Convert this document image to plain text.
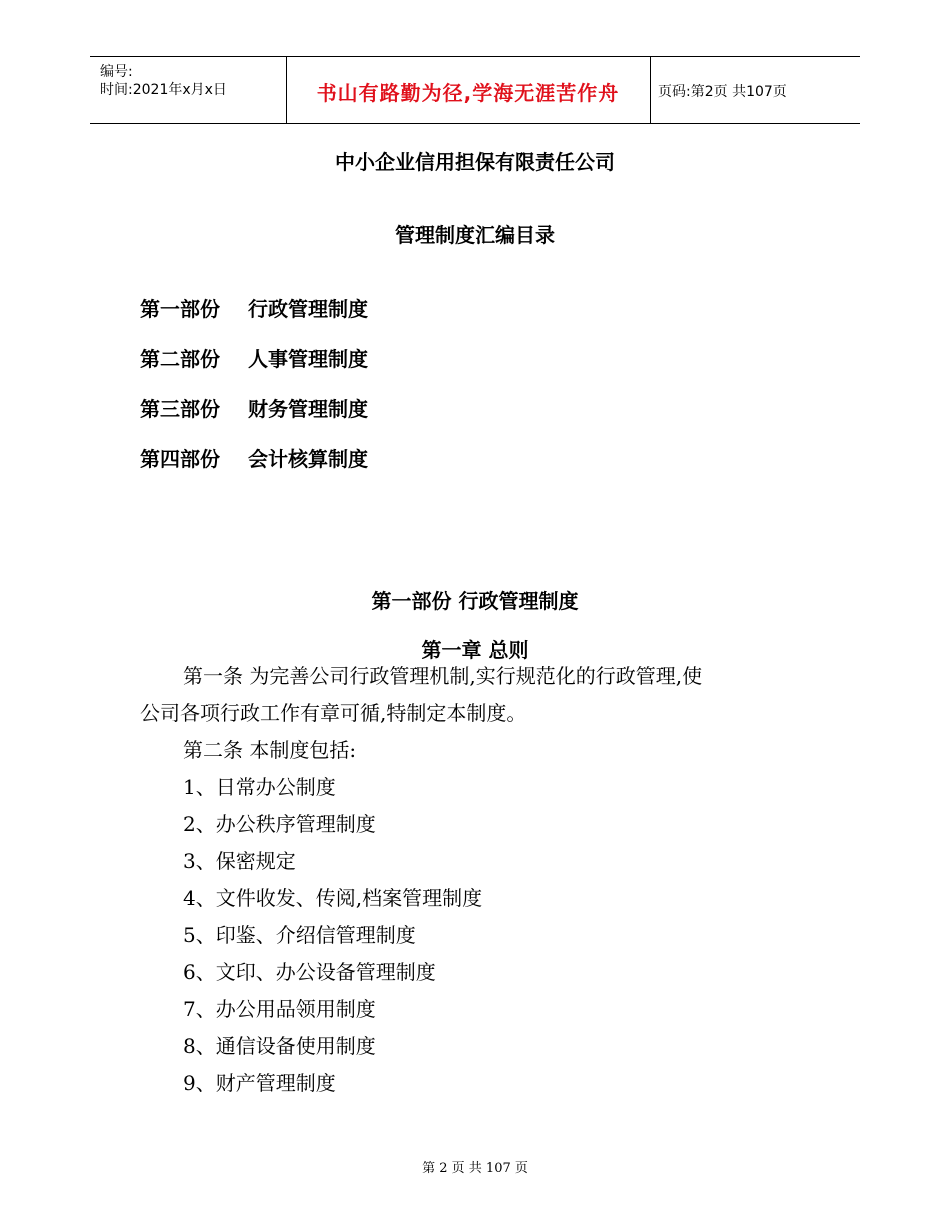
编号:
时间:2021年x月x日	书山有路勤为径,学海无涯苦作舟	页码:第2页 共107页
中小企业信用担保有限责任公司
管理制度汇编目录
第一部份 行政管理制度
第二部份 人事管理制度
第三部份 财务管理制度
第四部份 会计核算制度
第一部份 行政管理制度
第一章 总则
第一条 为完善公司行政管理机制,实行规范化的行政管理,使
公司各项行政工作有章可循,特制定本制度。
第二条 本制度包括:
1、日常办公制度
2、办公秩序管理制度
3、保密规定
4、文件收发、传阅,档案管理制度
5、印鉴、介绍信管理制度
6、文印、办公设备管理制度
7、办公用品领用制度
8、通信设备使用制度
9、财产管理制度
第 2 页 共 107 页
